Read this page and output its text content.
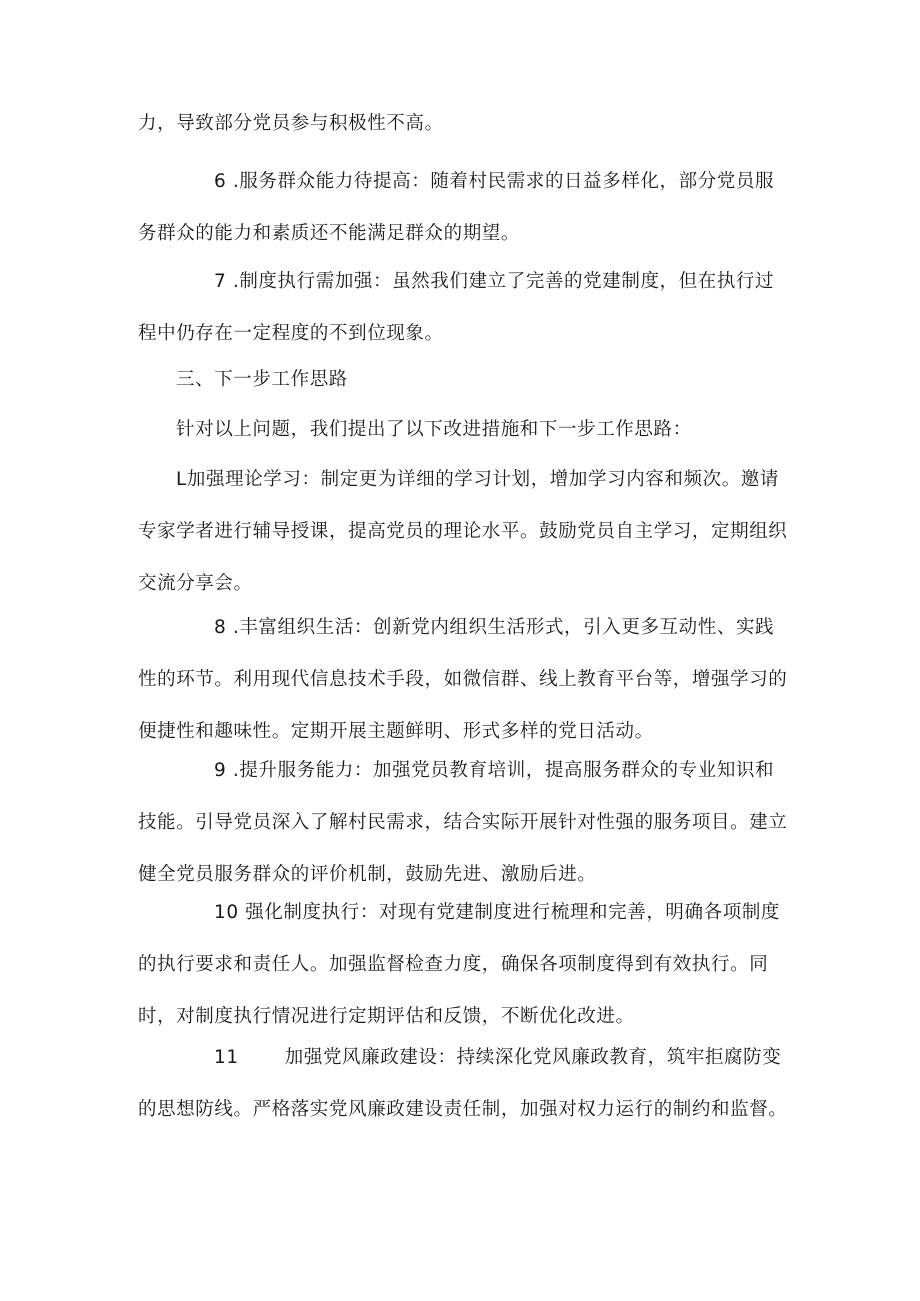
力，导致部分党员参与积极性不高。

6 .服务群众能力待提高：随着村民需求的日益多样化，部分党员服务群众的能力和素质还不能满足群众的期望。

7 .制度执行需加强：虽然我们建立了完善的党建制度，但在执行过程中仍存在一定程度的不到位现象。

三、下一步工作思路

针对以上问题，我们提出了以下改进措施和下一步工作思路：

L加强理论学习：制定更为详细的学习计划，增加学习内容和频次。邀请专家学者进行辅导授课，提高党员的理论水平。鼓励党员自主学习，定期组织交流分享会。

8 .丰富组织生活：创新党内组织生活形式，引入更多互动性、实践性的环节。利用现代信息技术手段，如微信群、线上教育平台等，增强学习的便捷性和趣味性。定期开展主题鲜明、形式多样的党日活动。

9 .提升服务能力：加强党员教育培训，提高服务群众的专业知识和技能。引导党员深入了解村民需求，结合实际开展针对性强的服务项目。建立健全党员服务群众的评价机制，鼓励先进、激励后进。

10 强化制度执行：对现有党建制度进行梳理和完善，明确各项制度的执行要求和责任人。加强监督检查力度，确保各项制度得到有效执行。同时，对制度执行情况进行定期评估和反馈，不断优化改进。

11 加强党风廉政建设：持续深化党风廉政教育，筑牢拒腐防变的思想防线。严格落实党风廉政建设责任制，加强对权力运行的制约和监督。
